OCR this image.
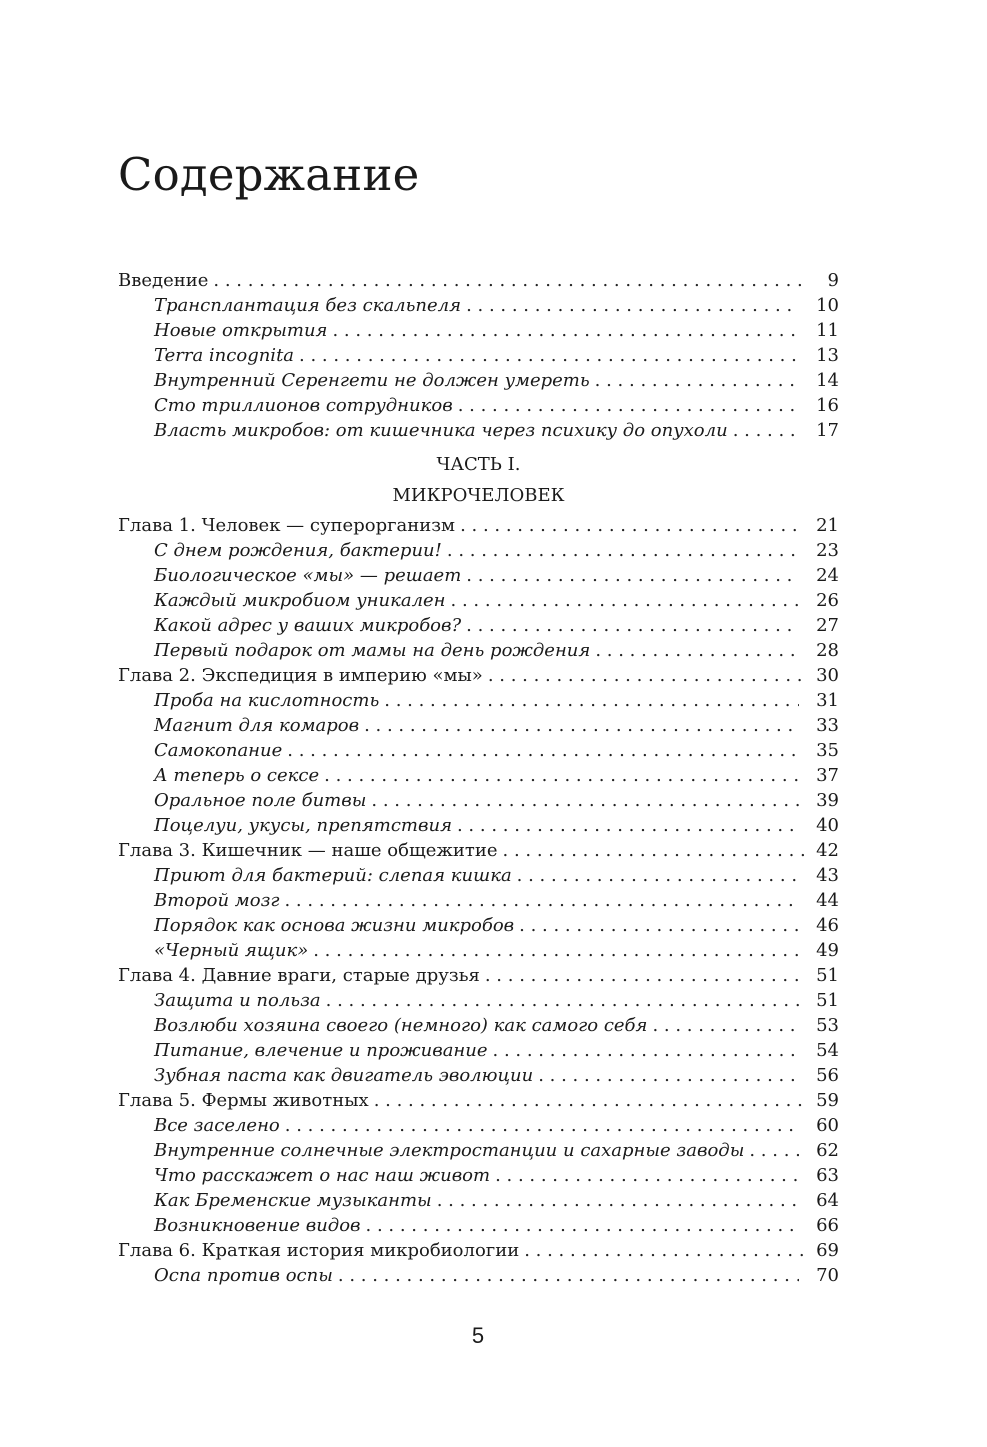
Содержание
Введение . . .	9
Трансплантация без скальпеля . . .	10
Новые открытия . . .	11
Terra incognita . . .	13
Внутренний Серенгети не должен умереть . . .	14
Сто триллионов сотрудников . . .	16
Власть микробов: от кишечника через психику до опухоли . . .	17
ЧАСТЬ I.
МИКРОЧЕЛОВЕК
Глава 1. Человек — суперорганизм . . .	21
С днем рождения, бактерии! . . .	23
Биологическое «мы» — решает . . .	24
Каждый микробиом уникален . . .	26
Какой адрес у ваших микробов? . . .	27
Первый подарок от мамы на день рождения . . .	28
Глава 2. Экспедиция в империю «мы» . . .	30
Проба на кислотность . . .	31
Магнит для комаров . . .	33
Самокопание . . .	35
А теперь о сексе . . .	37
Оральное поле битвы . . .	39
Поцелуи, укусы, препятствия . . .	40
Глава 3. Кишечник — наше общежитие . . .	42
Приют для бактерий: слепая кишка . . .	43
Второй мозг . . .	44
Порядок как основа жизни микробов . . .	46
«Черный ящик» . . .	49
Глава 4. Давние враги, старые друзья . . .	51
Защита и польза . . .	51
Возлюби хозяина своего (немного) как самого себя . . .	53
Питание, влечение и проживание . . .	54
Зубная паста как двигатель эволюции . . .	56
Глава 5. Фермы животных . . .	59
Все заселено . . .	60
Внутренние солнечные электростанции и сахарные заводы . . .	62
Что расскажет о нас наш живот . . .	63
Как Бременские музыканты . . .	64
Возникновение видов . . .	66
Глава 6. Краткая история микробиологии . . .	69
Оспа против оспы . . .	70
5
